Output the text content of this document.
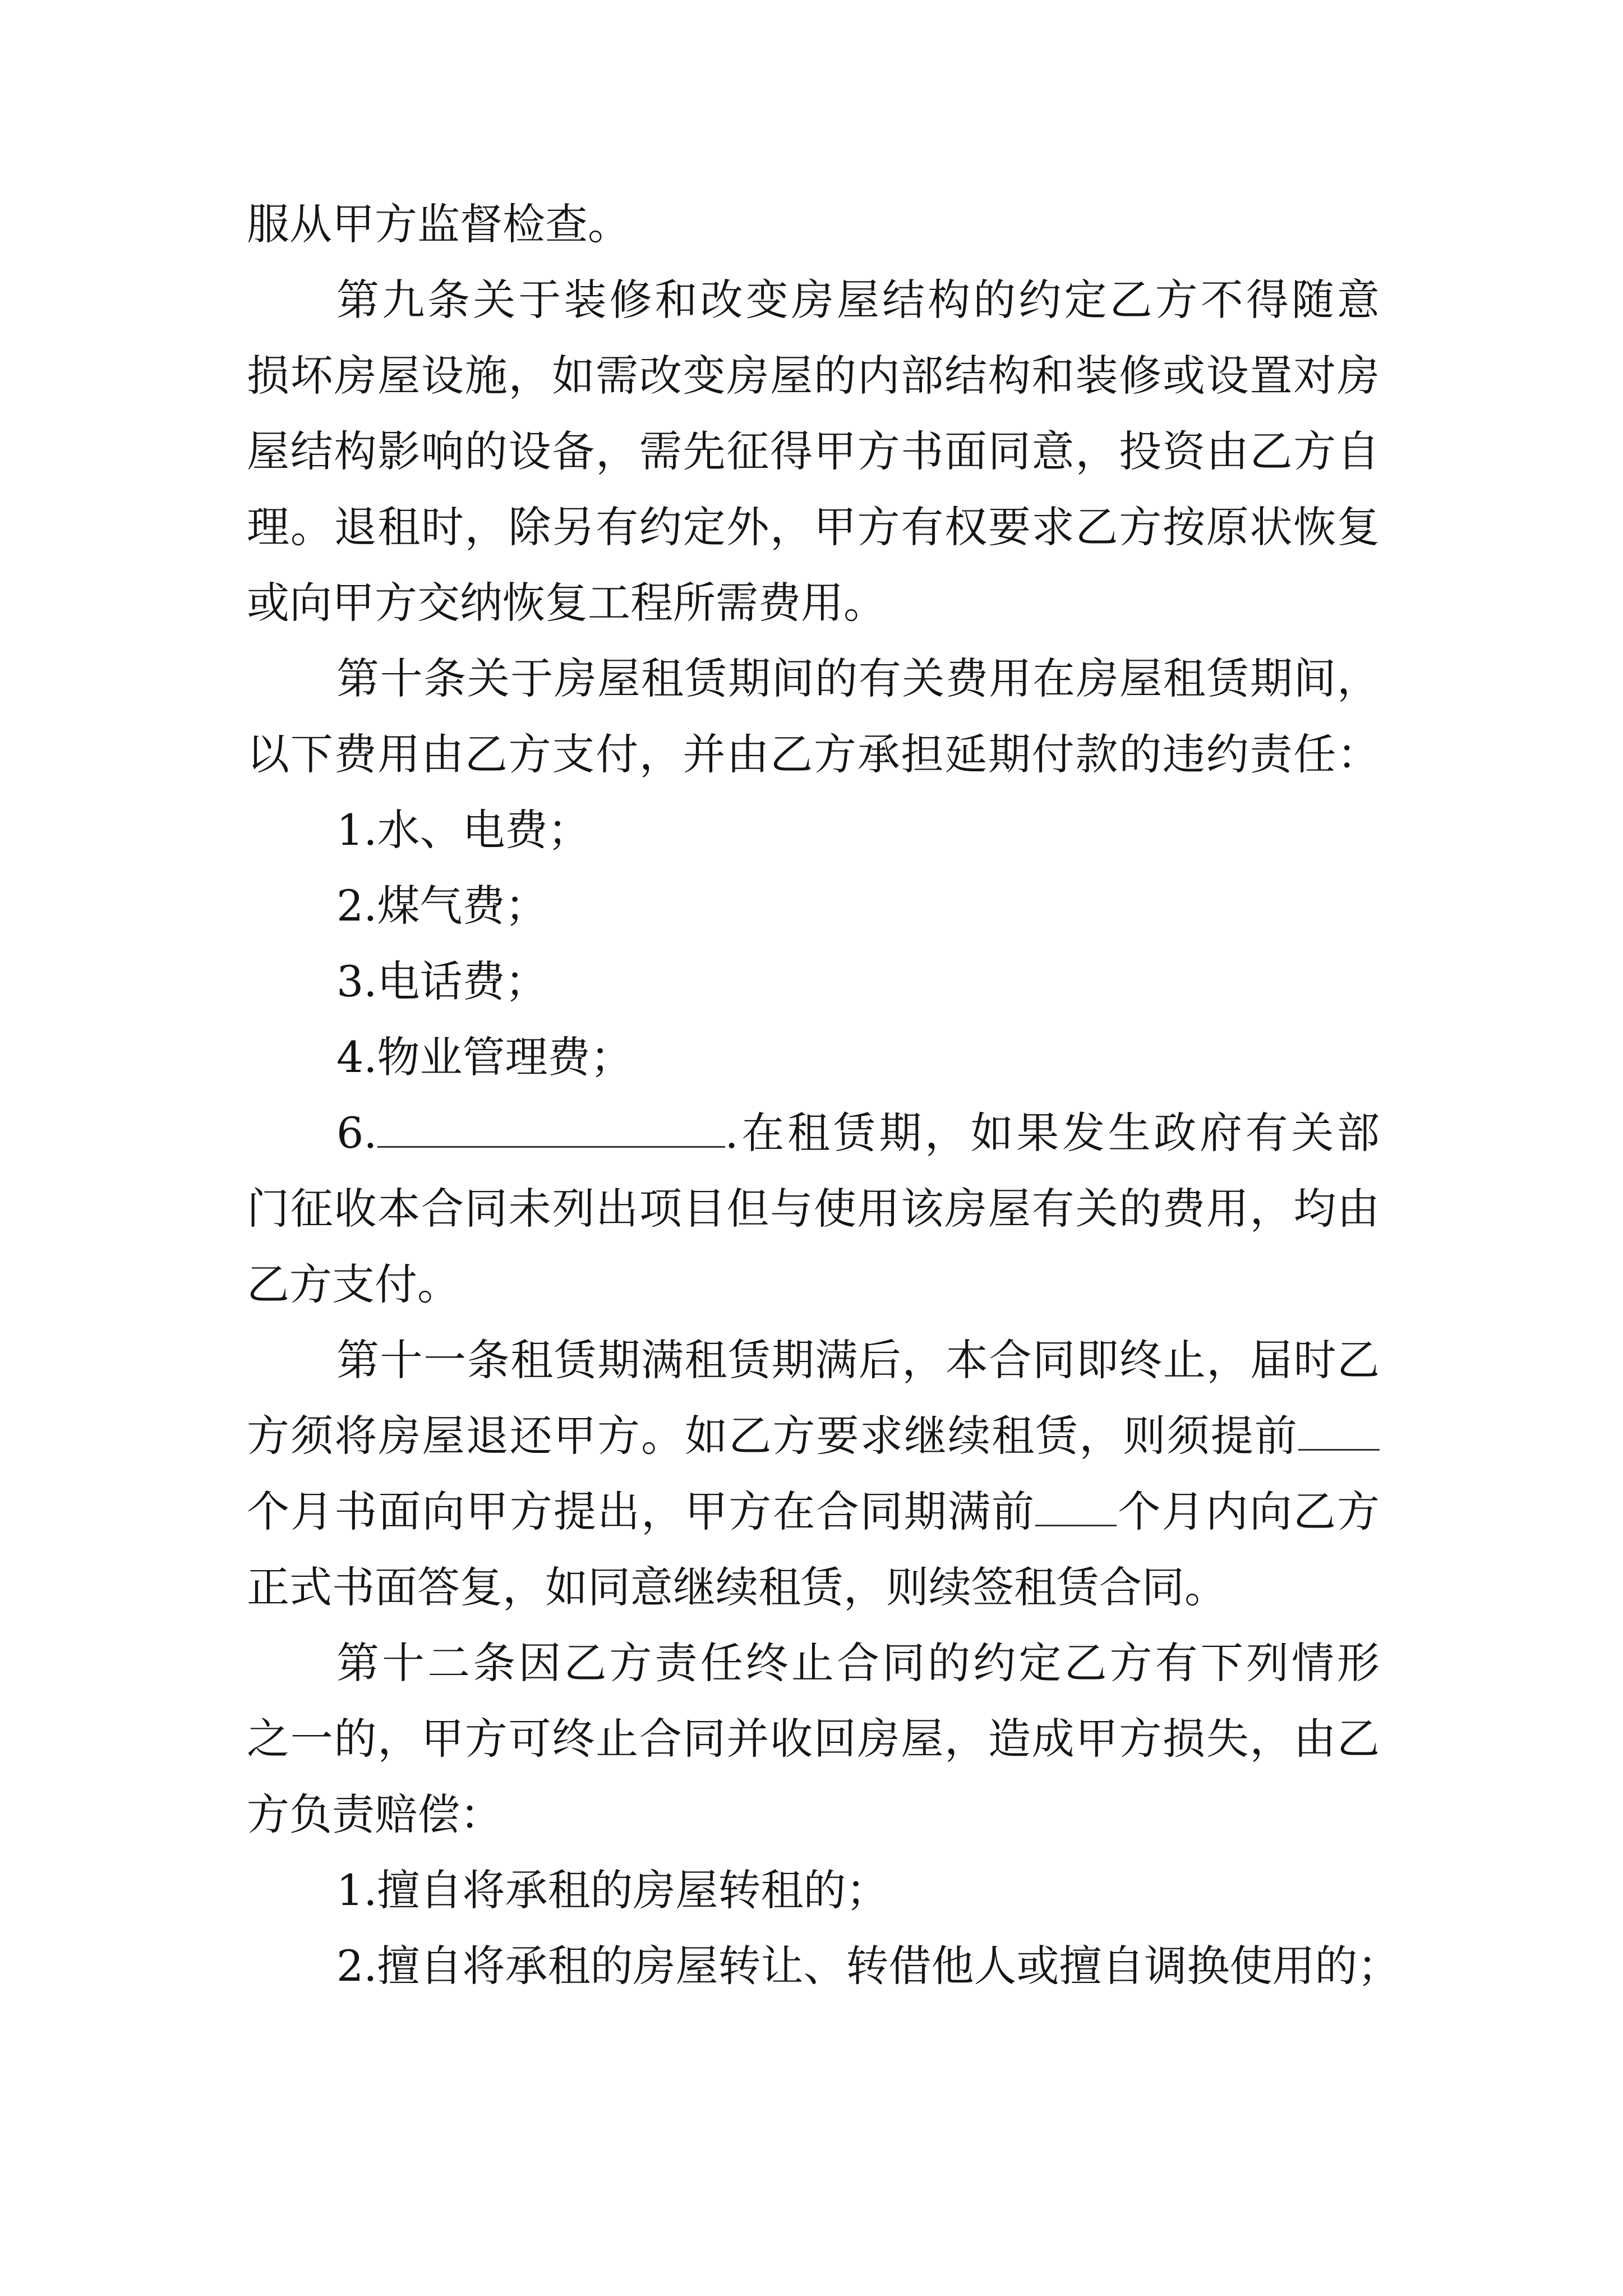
服从甲方监督检查。
第九条关于装修和改变房屋结构的约定乙方不得随意
损坏房屋设施，如需改变房屋的内部结构和装修或设置对房
屋结构影响的设备，需先征得甲方书面同意，投资由乙方自
理。退租时，除另有约定外，甲方有权要求乙方按原状恢复
或向甲方交纳恢复工程所需费用。
第十条关于房屋租赁期间的有关费用在房屋租赁期间，
以下费用由乙方支付，并由乙方承担延期付款的违约责任：
1.水、电费；
2.煤气费；
3.电话费；
4.物业管理费；
6.	.在租赁期，如果发生政府有关部
门征收本合同未列出项目但与使用该房屋有关的费用，均由
乙方支付。
第十一条租赁期满租赁期满后，本合同即终止，届时乙
方须将房屋退还甲方。如乙方要求继续租赁，则须提前
个月书面向甲方提出，甲方在合同期满前 个月内向乙方
正式书面答复，如同意继续租赁，则续签租赁合同。
第十二条因乙方责任终止合同的约定乙方有下列情形
之一的，甲方可终止合同并收回房屋，造成甲方损失，由乙
方负责赔偿：
1.擅自将承租的房屋转租的；
2.擅自将承租的房屋转让、转借他人或擅自调换使用的；
